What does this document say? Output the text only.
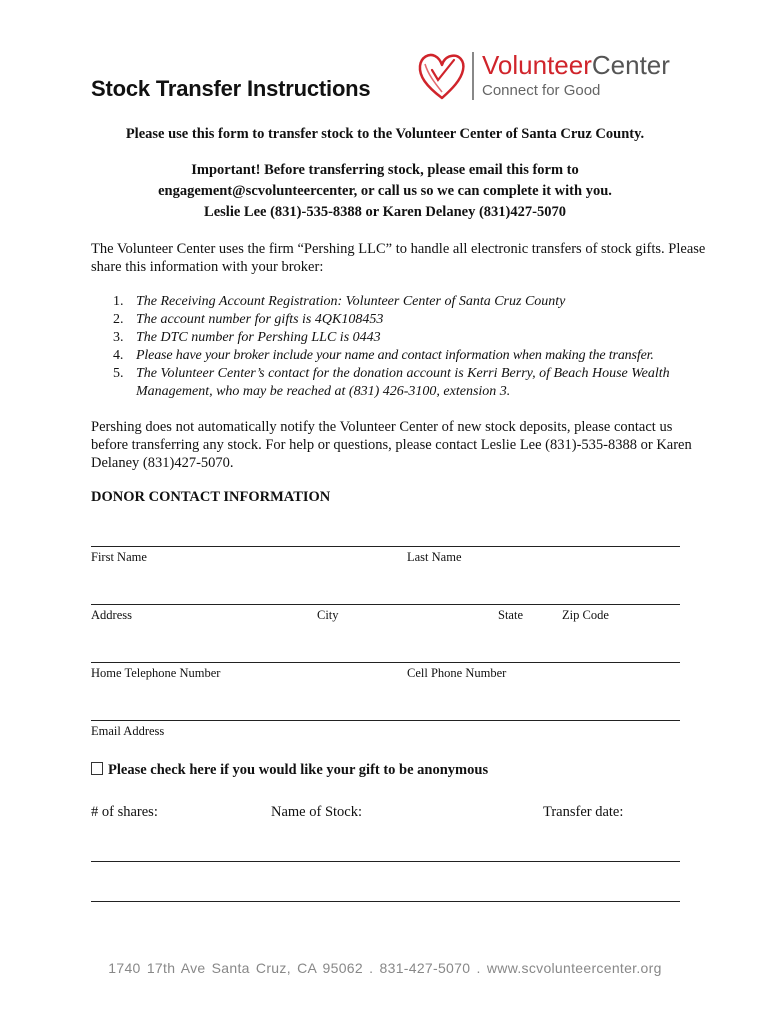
Stock Transfer Instructions
VolunteerCenter
Connect for Good
Please use this form to transfer stock to the Volunteer Center of Santa Cruz County.
Important! Before transferring stock, please email this form to
engagement@scvolunteercenter, or call us so we can complete it with you.
Leslie Lee (831)-535-8388 or Karen Delaney (831)427-5070
The Volunteer Center uses the firm “Pershing LLC” to handle all electronic transfers of stock gifts. Please share this information with your broker:
1. The Receiving Account Registration: Volunteer Center of Santa Cruz County
2. The account number for gifts is 4QK108453
3. The DTC number for Pershing LLC is 0443
4. Please have your broker include your name and contact information when making the transfer.
5. The Volunteer Center’s contact for the donation account is Kerri Berry, of Beach House Wealth Management, who may be reached at (831) 426-3100, extension 3.
Pershing does not automatically notify the Volunteer Center of new stock deposits, please contact us before transferring any stock. For help or questions, please contact Leslie Lee (831)-535-8388 or Karen Delaney (831)427-5070.
DONOR CONTACT INFORMATION
First Name	Last Name
Address	City	State	Zip Code
Home Telephone Number	Cell Phone Number
Email Address
Please check here if you would like your gift to be anonymous
# of shares:	Name of Stock:	Transfer date:
1740 17th Ave Santa Cruz, CA 95062 . 831-427-5070 . www.scvolunteercenter.org
